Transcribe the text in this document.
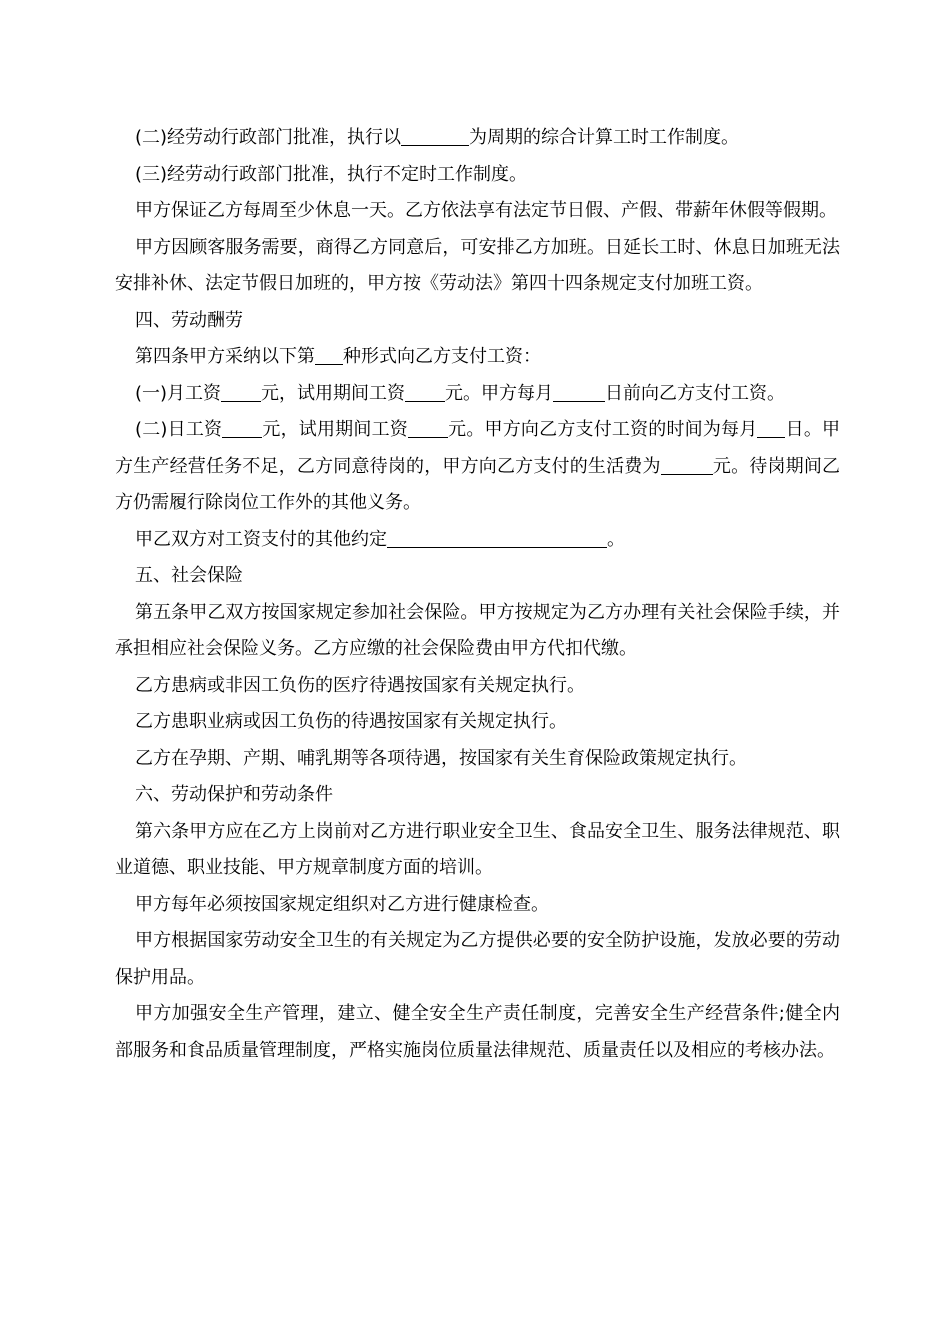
(二)经劳动行政部门批准，执行以	为周期的综合计算工时工作制度。

(三)经劳动行政部门批准，执行不定时工作制度。

甲方保证乙方每周至少休息一天。乙方依法享有法定节日假、产假、带薪年休假等假期。

甲方因顾客服务需要，商得乙方同意后，可安排乙方加班。日延长工时、休息日加班无法安排补休、法定节假日加班的，甲方按《劳动法》第四十四条规定支付加班工资。

四、劳动酬劳

第四条甲方采纳以下第 种形式向乙方支付工资：

(一)月工资 元，试用期间工资 元。甲方每月	日前向乙方支付工资。

(二)日工资 元，试用期间工资 元。甲方向乙方支付工资的时间为每月 日。甲方生产经营任务不足，乙方同意待岗的，甲方向乙方支付的生活费为	元。待岗期间乙方仍需履行除岗位工作外的其他义务。

甲乙双方对工资支付的其他约定	。

五、社会保险

第五条甲乙双方按国家规定参加社会保险。甲方按规定为乙方办理有关社会保险手续，并承担相应社会保险义务。乙方应缴的社会保险费由甲方代扣代缴。

乙方患病或非因工负伤的医疗待遇按国家有关规定执行。

乙方患职业病或因工负伤的待遇按国家有关规定执行。

乙方在孕期、产期、哺乳期等各项待遇，按国家有关生育保险政策规定执行。

六、劳动保护和劳动条件

第六条甲方应在乙方上岗前对乙方进行职业安全卫生、食品安全卫生、服务法律规范、职业道德、职业技能、甲方规章制度方面的培训。

甲方每年必须按国家规定组织对乙方进行健康检查。

甲方根据国家劳动安全卫生的有关规定为乙方提供必要的安全防护设施，发放必要的劳动保护用品。

甲方加强安全生产管理，建立、健全安全生产责任制度，完善安全生产经营条件;健全内部服务和食品质量管理制度，严格实施岗位质量法律规范、质量责任以及相应的考核办法。
